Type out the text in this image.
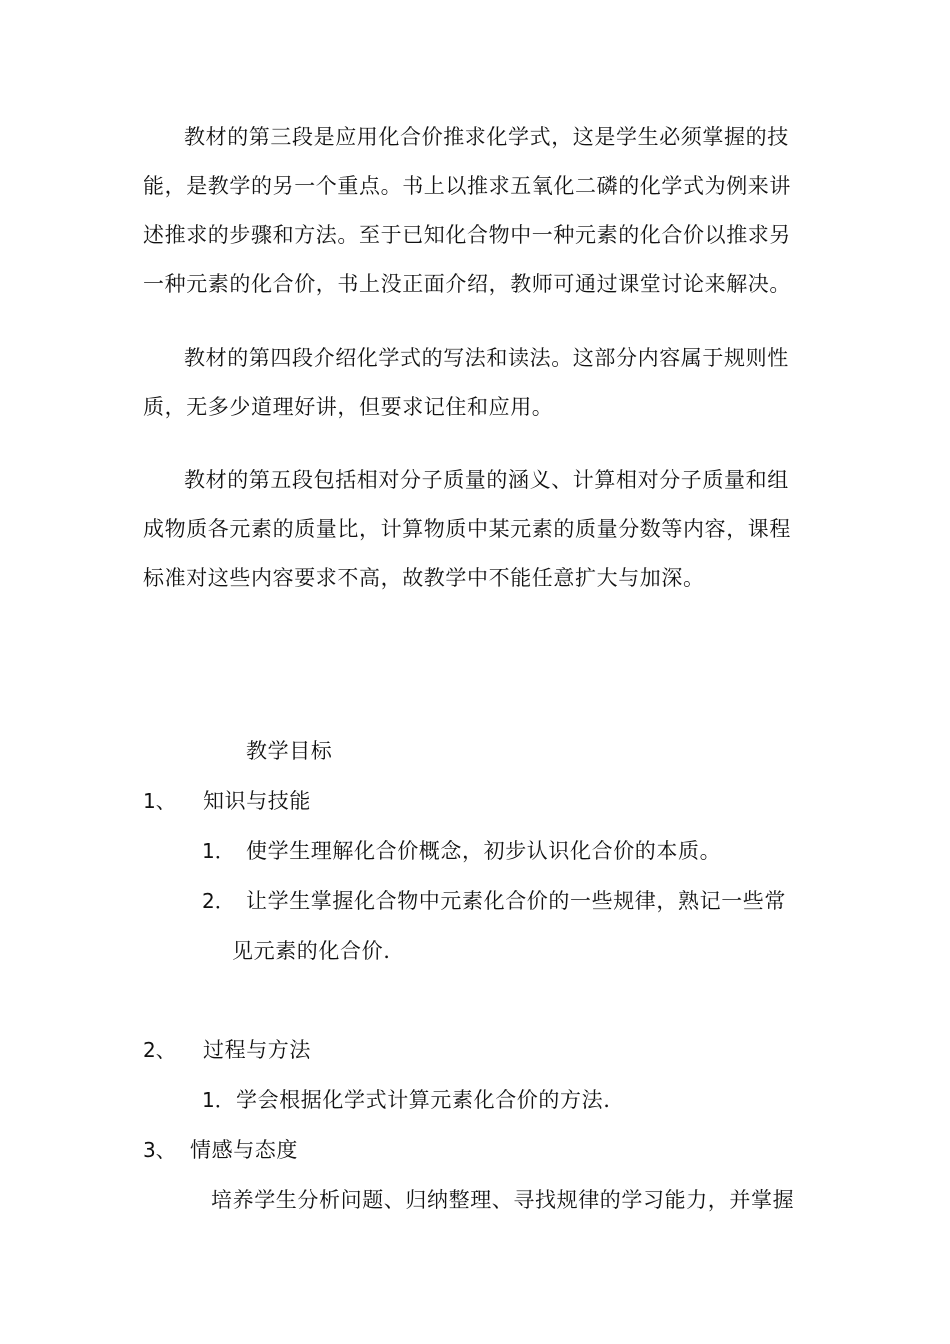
教材的第三段是应用化合价推求化学式，这是学生必须掌握的技
能，是教学的另一个重点。书上以推求五氧化二磷的化学式为例来讲
述推求的步骤和方法。至于已知化合物中一种元素的化合价以推求另
一种元素的化合价，书上没正面介绍，教师可通过课堂讨论来解决。
教材的第四段介绍化学式的写法和读法。这部分内容属于规则性
质，无多少道理好讲，但要求记住和应用。
教材的第五段包括相对分子质量的涵义、计算相对分子质量和组
成物质各元素的质量比，计算物质中某元素的质量分数等内容，课程
标准对这些内容要求不高，故教学中不能任意扩大与加深。
教学目标
1、 知识与技能
1． 使学生理解化合价概念，初步认识化合价的本质。
2． 让学生掌握化合物中元素化合价的一些规律，熟记一些常
见元素的化合价.
2、 过程与方法
1． 学会根据化学式计算元素化合价的方法.
3、 情感与态度
培养学生分析问题、归纳整理、寻找规律的学习能力，并掌握
